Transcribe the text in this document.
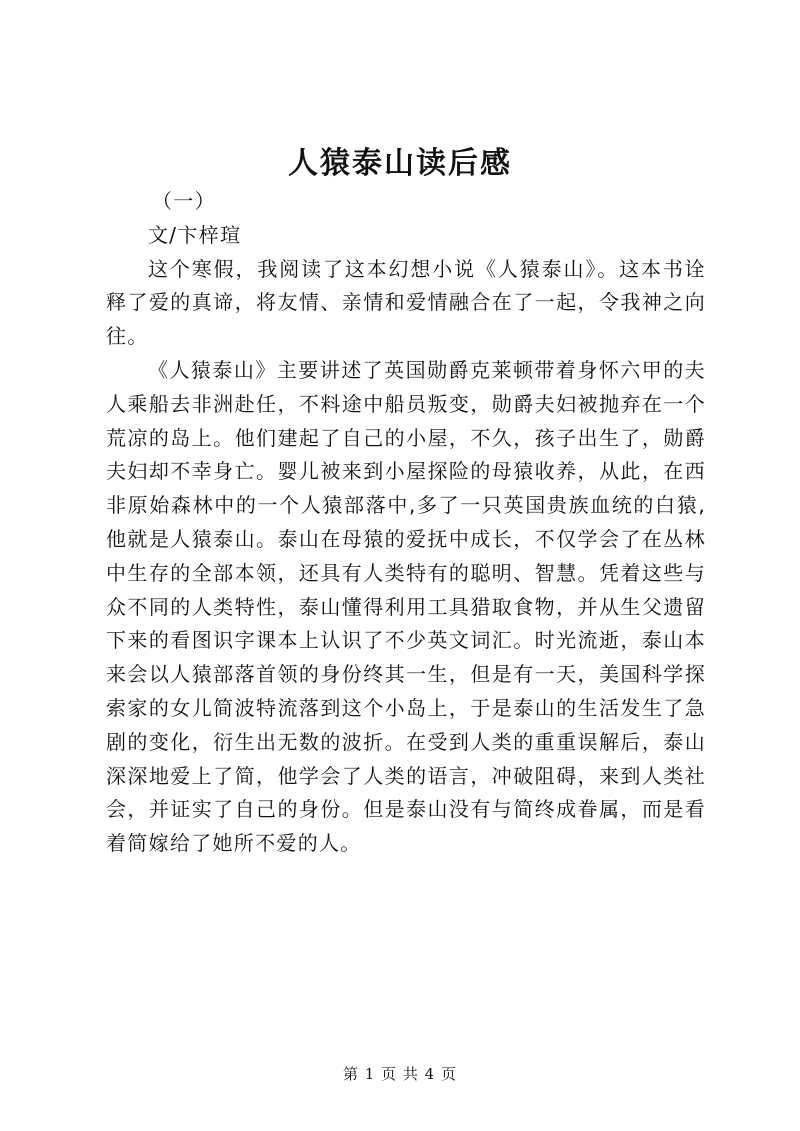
人猿泰山读后感

（一）

文/卞梓瑄

这个寒假，我阅读了这本幻想小说《人猿泰山》。这本书诠

释了爱的真谛，将友情、亲情和爱情融合在了一起，令我神之向

往。

《人猿泰山》主要讲述了英国勋爵克莱顿带着身怀六甲的夫

人乘船去非洲赴任，不料途中船员叛变，勋爵夫妇被抛弃在一个

荒凉的岛上。他们建起了自己的小屋，不久，孩子出生了，勋爵

夫妇却不幸身亡。婴儿被来到小屋探险的母猿收养，从此，在西

非原始森林中的一个人猿部落中,多了一只英国贵族血统的白猿,

他就是人猿泰山。泰山在母猿的爱抚中成长，不仅学会了在丛林

中生存的全部本领，还具有人类特有的聪明、智慧。凭着这些与

众不同的人类特性，泰山懂得利用工具猎取食物，并从生父遗留

下来的看图识字课本上认识了不少英文词汇。时光流逝，泰山本

来会以人猿部落首领的身份终其一生，但是有一天，美国科学探

索家的女儿简波特流落到这个小岛上，于是泰山的生活发生了急

剧的变化，衍生出无数的波折。在受到人类的重重误解后，泰山

深深地爱上了简，他学会了人类的语言，冲破阻碍，来到人类社

会，并证实了自己的身份。但是泰山没有与简终成眷属，而是看

着简嫁给了她所不爱的人。

第 1 页 共 4 页
